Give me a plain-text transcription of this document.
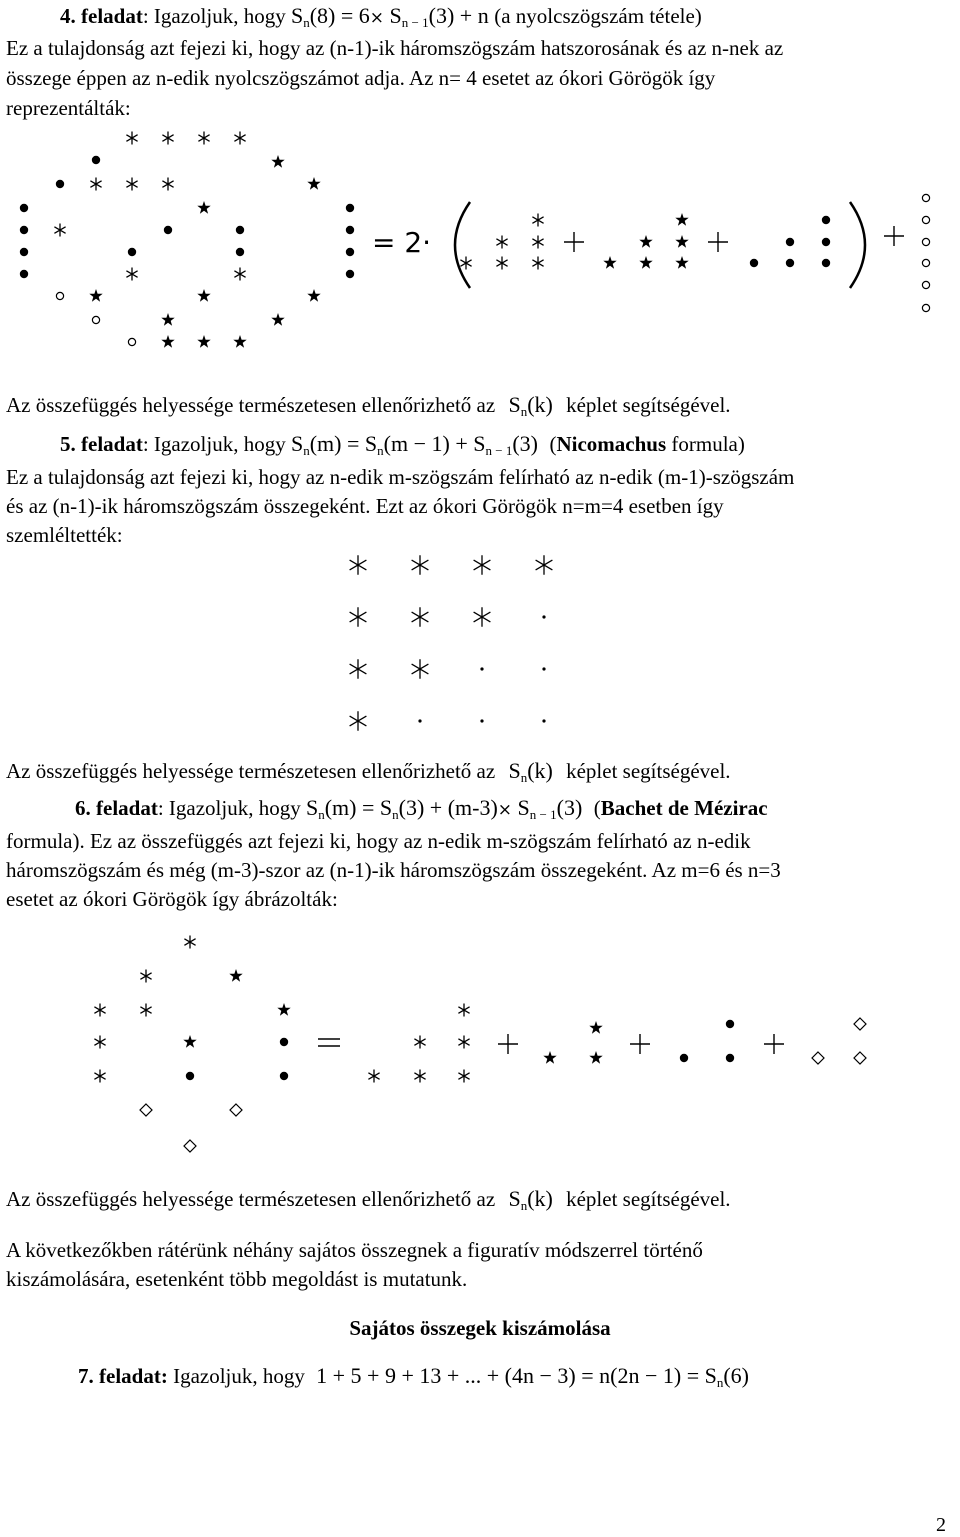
4. feladat: Igazoljuk, hogy $S_n(8) = 6\times S_{n - 1}(3) + n$ (a nyolcszögszám tétele)
Ez a tulajdonság azt fejezi ki, hogy az (n-1)-ik háromszögszám hatszorosának és az n-nek az
összege éppen az n-edik nyolcszögszámot adja. Az n= 4 esetet az ókori Görögök így
reprezentálták:
= 2·
Az összefüggés helyessége természetesen ellenőrizhető az $S_n(k)$ képlet segítségével.
5. feladat: Igazoljuk, hogy $S_n(m) = S_n(m - 1) + S_{n - 1}(3)$ (Nicomachus formula)
Ez a tulajdonság azt fejezi ki, hogy az n-edik m-szögszám felírható az n-edik (m-1)-szögszám
és az (n-1)-ik háromszögszám összegeként. Ezt az ókori Görögök n=m=4 esetben így
szemléltették:
Az összefüggés helyessége természetesen ellenőrizhető az $S_n(k)$ képlet segítségével.
6. feladat: Igazoljuk, hogy $S_n(m) = S_n(3) + (m-3)\times S_{n - 1}(3)$ (Bachet de Mézirac
formula). Ez az összefüggés azt fejezi ki, hogy az n-edik m-szögszám felírható az n-edik
háromszögszám és még (m-3)-szor az (n-1)-ik háromszögszám összegeként. Az m=6 és n=3
esetet az ókori Görögök így ábrázolták:
Az összefüggés helyessége természetesen ellenőrizhető az $S_n(k)$ képlet segítségével.
A következőkben rátérünk néhány sajátos összegnek a figuratív módszerrel történő
kiszámolására, esetenként több megoldást is mutatunk.
Sajátos összegek kiszámolása
7. feladat: Igazoljuk, hogy 1 + 5 + 9 + 13 + ... + $(4n - 3) = n(2n - 1) = S_n(6)$
2
